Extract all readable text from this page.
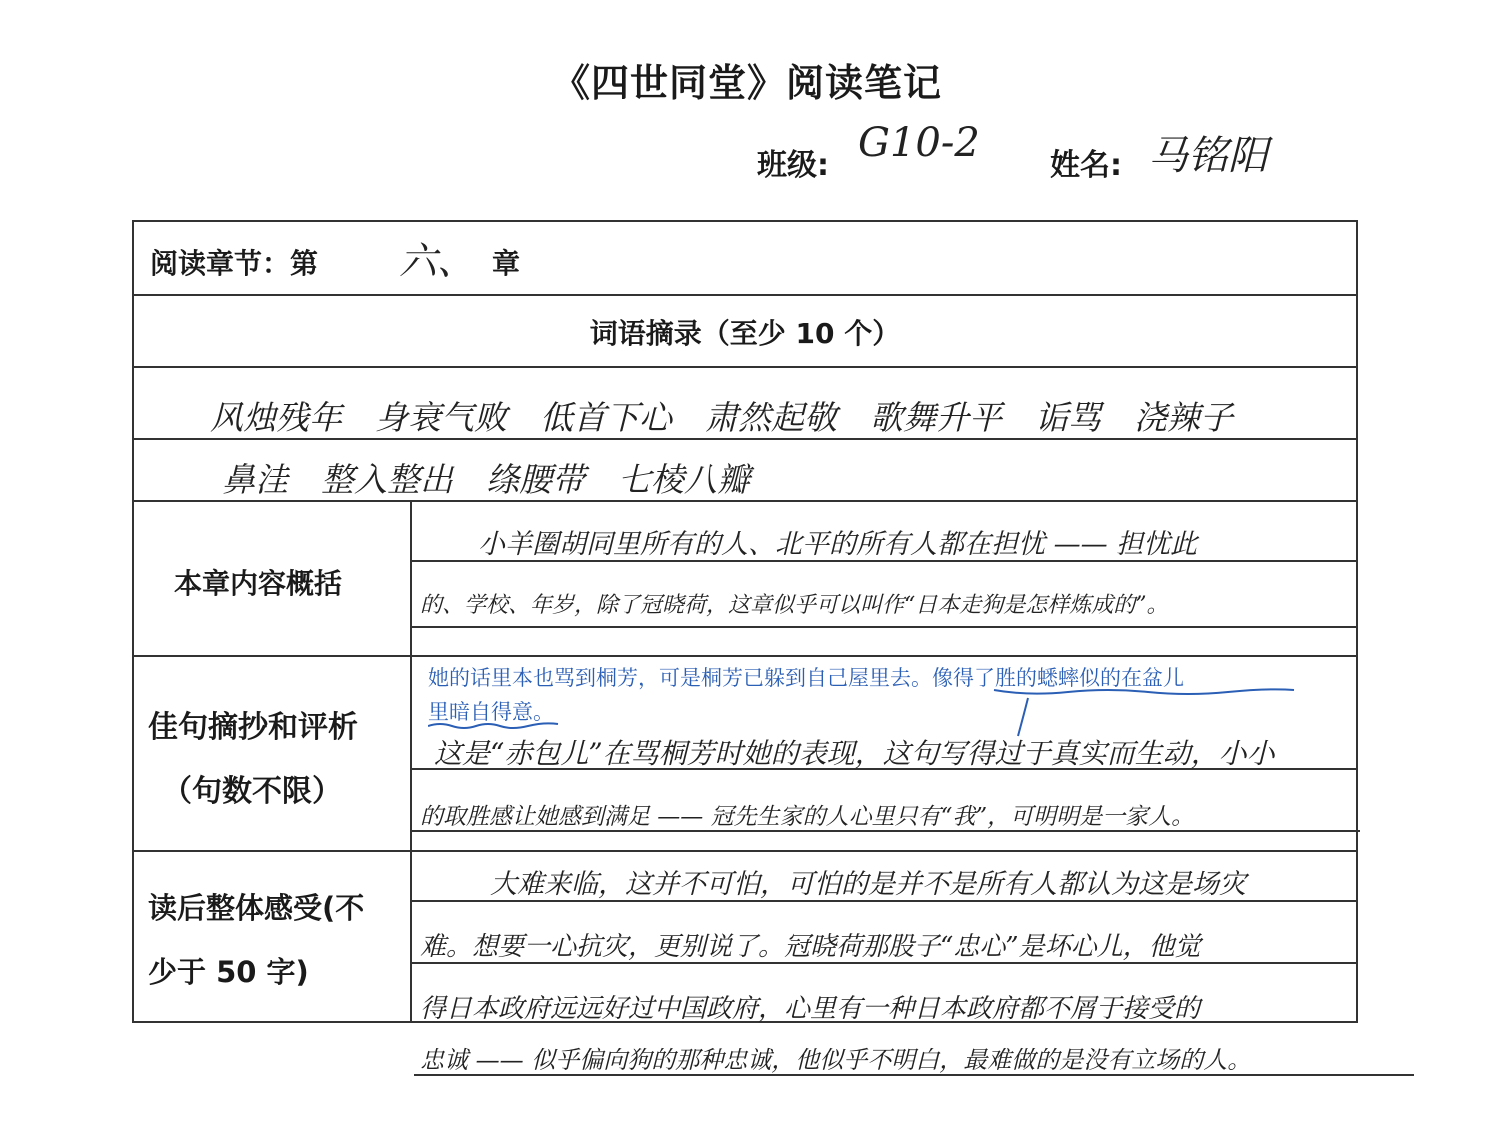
《四世同堂》阅读笔记
班级: G10-2 姓名: 马铭阳
阅读章节：第 六、 章
词语摘录（至少 10 个）
风烛残年　身衰气败　低首下心　肃然起敬　歌舞升平　诟骂　浇辣子
鼻洼　整入整出　绦腰带　七棱八瓣
本章内容概括
小羊圈胡同里所有的人、北平的所有人都在担忧 —— 担忧此
的、学校、年岁，除了冠晓荷，这章似乎可以叫作“日本走狗是怎样炼成的”。
佳句摘抄和评析
（句数不限）
她的话里本也骂到桐芳，可是桐芳已躲到自己屋里去。像得了胜的蟋蟀似的在盆儿
里暗自得意。
这是“赤包儿”在骂桐芳时她的表现，这句写得过于真实而生动，小小
的取胜感让她感到满足 —— 冠先生家的人心里只有“我”，可明明是一家人。
读后整体感受(不
少于 50 字)
大难来临，这并不可怕，可怕的是并不是所有人都认为这是场灾
难。想要一心抗灾，更别说了。冠晓荷那股子“忠心”是坏心儿，他觉
得日本政府远远好过中国政府，心里有一种日本政府都不屑于接受的
忠诚 —— 似乎偏向狗的那种忠诚，他似乎不明白，最难做的是没有立场的人。
